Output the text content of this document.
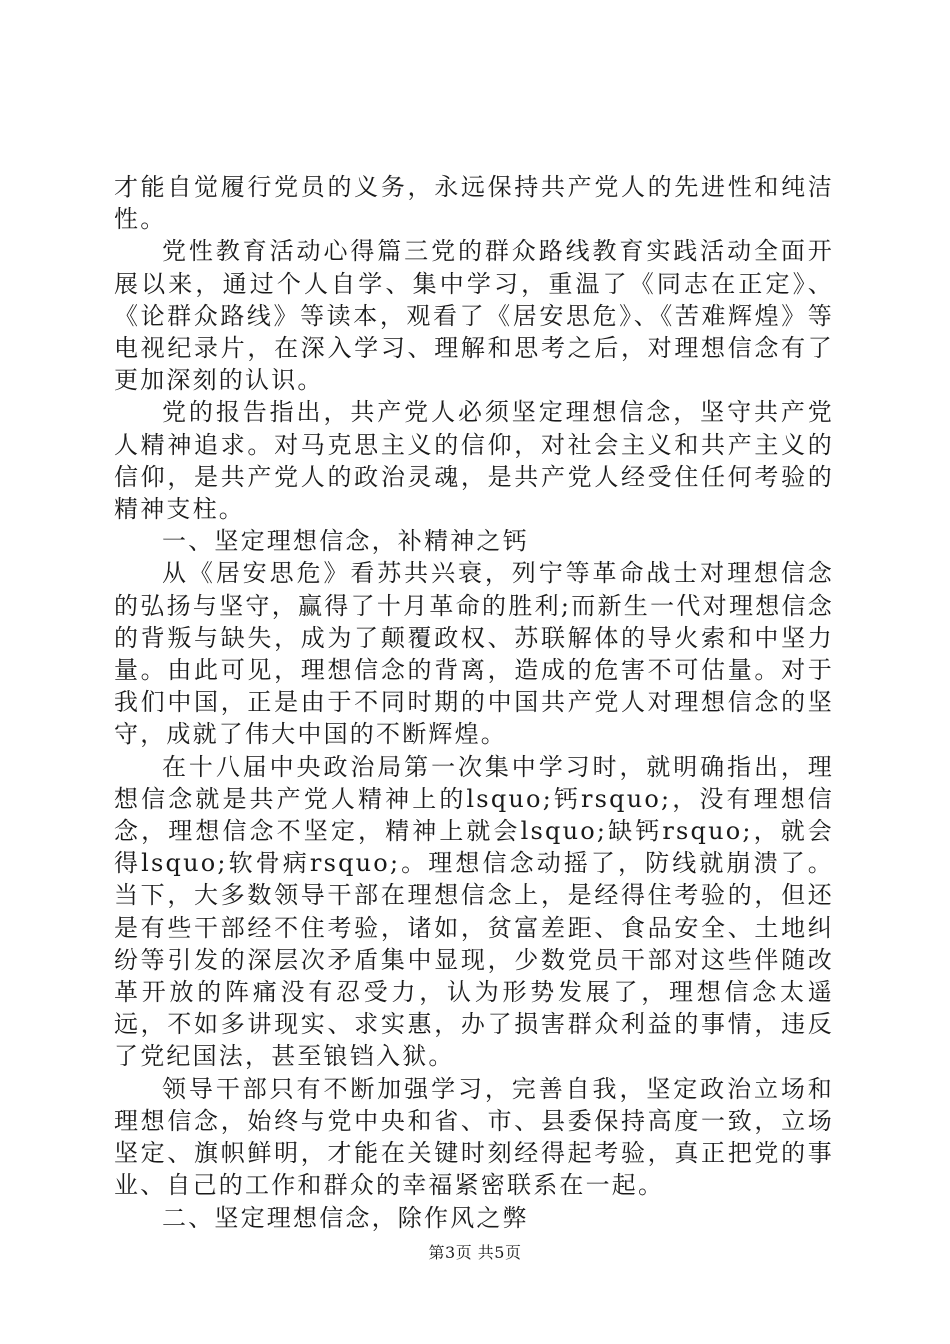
才能自觉履行党员的义务，永远保持共产党人的先进性和纯洁性。

党性教育活动心得篇三党的群众路线教育实践活动全面开展以来，通过个人自学、集中学习，重温了《同志在正定》、《论群众路线》等读本，观看了《居安思危》、《苦难辉煌》等电视纪录片，在深入学习、理解和思考之后，对理想信念有了更加深刻的认识。

党的报告指出，共产党人必须坚定理想信念，坚守共产党人精神追求。对马克思主义的信仰，对社会主义和共产主义的信仰，是共产党人的政治灵魂，是共产党人经受住任何考验的精神支柱。

一、坚定理想信念，补精神之钙

从《居安思危》看苏共兴衰，列宁等革命战士对理想信念的弘扬与坚守，赢得了十月革命的胜利;而新生一代对理想信念的背叛与缺失，成为了颠覆政权、苏联解体的导火索和中坚力量。由此可见，理想信念的背离，造成的危害不可估量。对于我们中国，正是由于不同时期的中国共产党人对理想信念的坚守，成就了伟大中国的不断辉煌。

在十八届中央政治局第一次集中学习时，就明确指出，理想信念就是共产党人精神上的lsquo;钙rsquo;，没有理想信念，理想信念不坚定，精神上就会lsquo;缺钙rsquo;，就会得lsquo;软骨病rsquo;。理想信念动摇了，防线就崩溃了。当下，大多数领导干部在理想信念上，是经得住考验的，但还是有些干部经不住考验，诸如，贫富差距、食品安全、土地纠纷等引发的深层次矛盾集中显现，少数党员干部对这些伴随改革开放的阵痛没有忍受力，认为形势发展了，理想信念太遥远，不如多讲现实、求实惠，办了损害群众利益的事情，违反了党纪国法，甚至锒铛入狱。

领导干部只有不断加强学习，完善自我，坚定政治立场和理想信念，始终与党中央和省、市、县委保持高度一致，立场坚定、旗帜鲜明，才能在关键时刻经得起考验，真正把党的事业、自己的工作和群众的幸福紧密联系在一起。

二、坚定理想信念，除作风之弊

第3页 共5页
